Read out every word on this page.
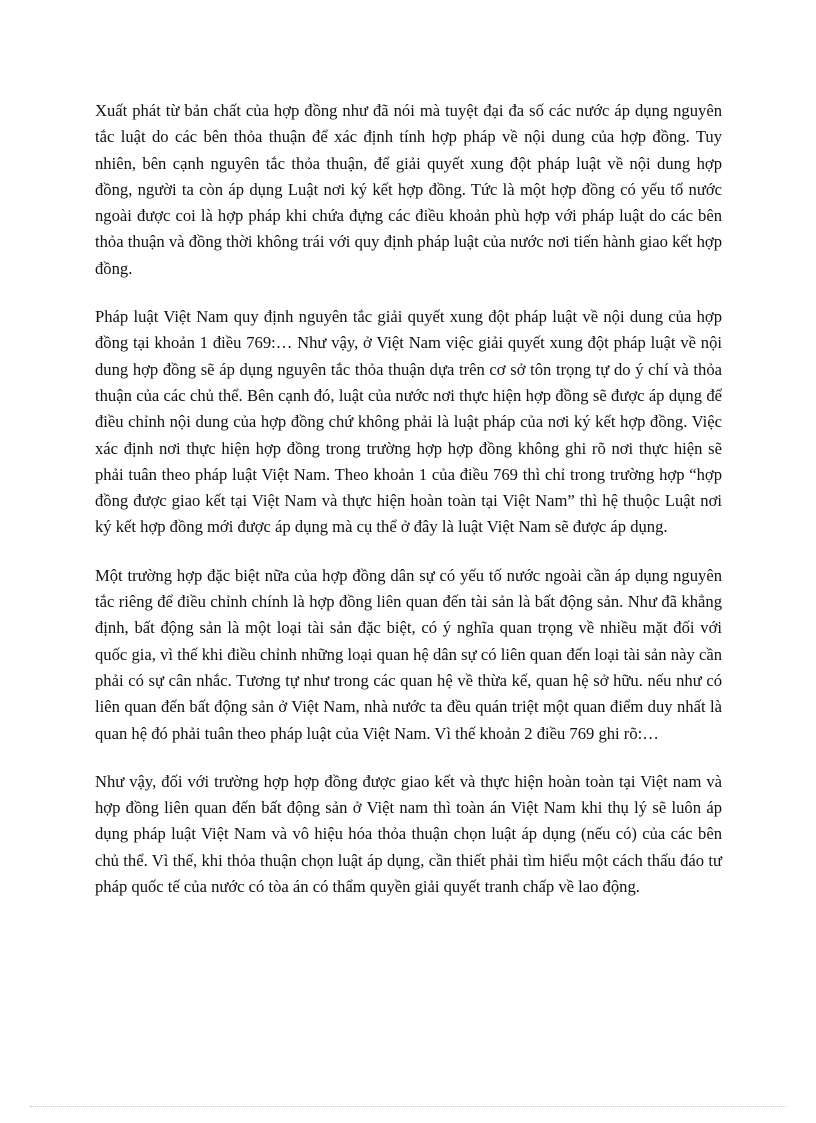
Xuất phát từ bản chất của hợp đồng như đã nói mà tuyệt đại đa số các nước áp dụng nguyên tắc luật do các bên thỏa thuận để xác định tính hợp pháp về nội dung của hợp đồng. Tuy nhiên, bên cạnh nguyên tắc thỏa thuận, để giải quyết xung đột pháp luật về nội dung hợp đồng, người ta còn áp dụng Luật nơi ký kết hợp đồng. Tức là một hợp đồng có yếu tố nước ngoài được coi là hợp pháp khi chứa đựng các điều khoản phù hợp với pháp luật do các bên thỏa thuận và đồng thời không trái với quy định pháp luật của nước nơi tiến hành giao kết hợp đồng.

Pháp luật Việt Nam quy định nguyên tắc giải quyết xung đột pháp luật về nội dung của hợp đồng tại khoản 1 điều 769:… Như vậy, ở Việt Nam việc giải quyết xung đột pháp luật về nội dung hợp đồng sẽ áp dụng nguyên tắc thỏa thuận dựa trên cơ sở tôn trọng tự do ý chí và thỏa thuận của các chủ thể. Bên cạnh đó, luật của nước nơi thực hiện hợp đồng sẽ được áp dụng để điều chỉnh nội dung của hợp đồng chứ không phải là luật pháp của nơi ký kết hợp đồng. Việc xác định nơi thực hiện hợp đồng trong trường hợp hợp đồng không ghi rõ nơi thực hiện sẽ phải tuân theo pháp luật Việt Nam. Theo khoản 1 của điều 769 thì chỉ trong trường hợp “hợp đồng được giao kết tại Việt Nam và thực hiện hoàn toàn tại Việt Nam” thì hệ thuộc Luật nơi ký kết hợp đồng mới được áp dụng mà cụ thể ở đây là luật Việt Nam sẽ được áp dụng.

Một trường hợp đặc biệt nữa của hợp đồng dân sự có yếu tố nước ngoài cần áp dụng nguyên tắc riêng để điều chỉnh chính là hợp đồng liên quan đến tài sản là bất động sản. Như đã khẳng định, bất động sản là một loại tài sản đặc biệt, có ý nghĩa quan trọng về nhiều mặt đối với quốc gia, vì thế khi điều chỉnh những loại quan hệ dân sự có liên quan đến loại tài sản này cần phải có sự cân nhắc. Tương tự như trong các quan hệ về thừa kế, quan hệ sở hữu. nếu như có liên quan đến bất động sản ở Việt Nam, nhà nước ta đều quán triệt một quan điểm duy nhất là quan hệ đó phải tuân theo pháp luật của Việt Nam. Vì thế khoản 2 điều 769 ghi rõ:…

Như vậy, đối với trường hợp hợp đồng được giao kết và thực hiện hoàn toàn tại Việt nam và hợp đồng liên quan đến bất động sản ở Việt nam thì toàn án Việt Nam khi thụ lý sẽ luôn áp dụng pháp luật Việt Nam và vô hiệu hóa thỏa thuận chọn luật áp dụng (nếu có) của các bên chủ thể. Vì thế, khi thỏa thuận chọn luật áp dụng, cần thiết phải tìm hiểu một cách thấu đáo tư pháp quốc tế của nước có tòa án có thẩm quyền giải quyết tranh chấp về lao động.
